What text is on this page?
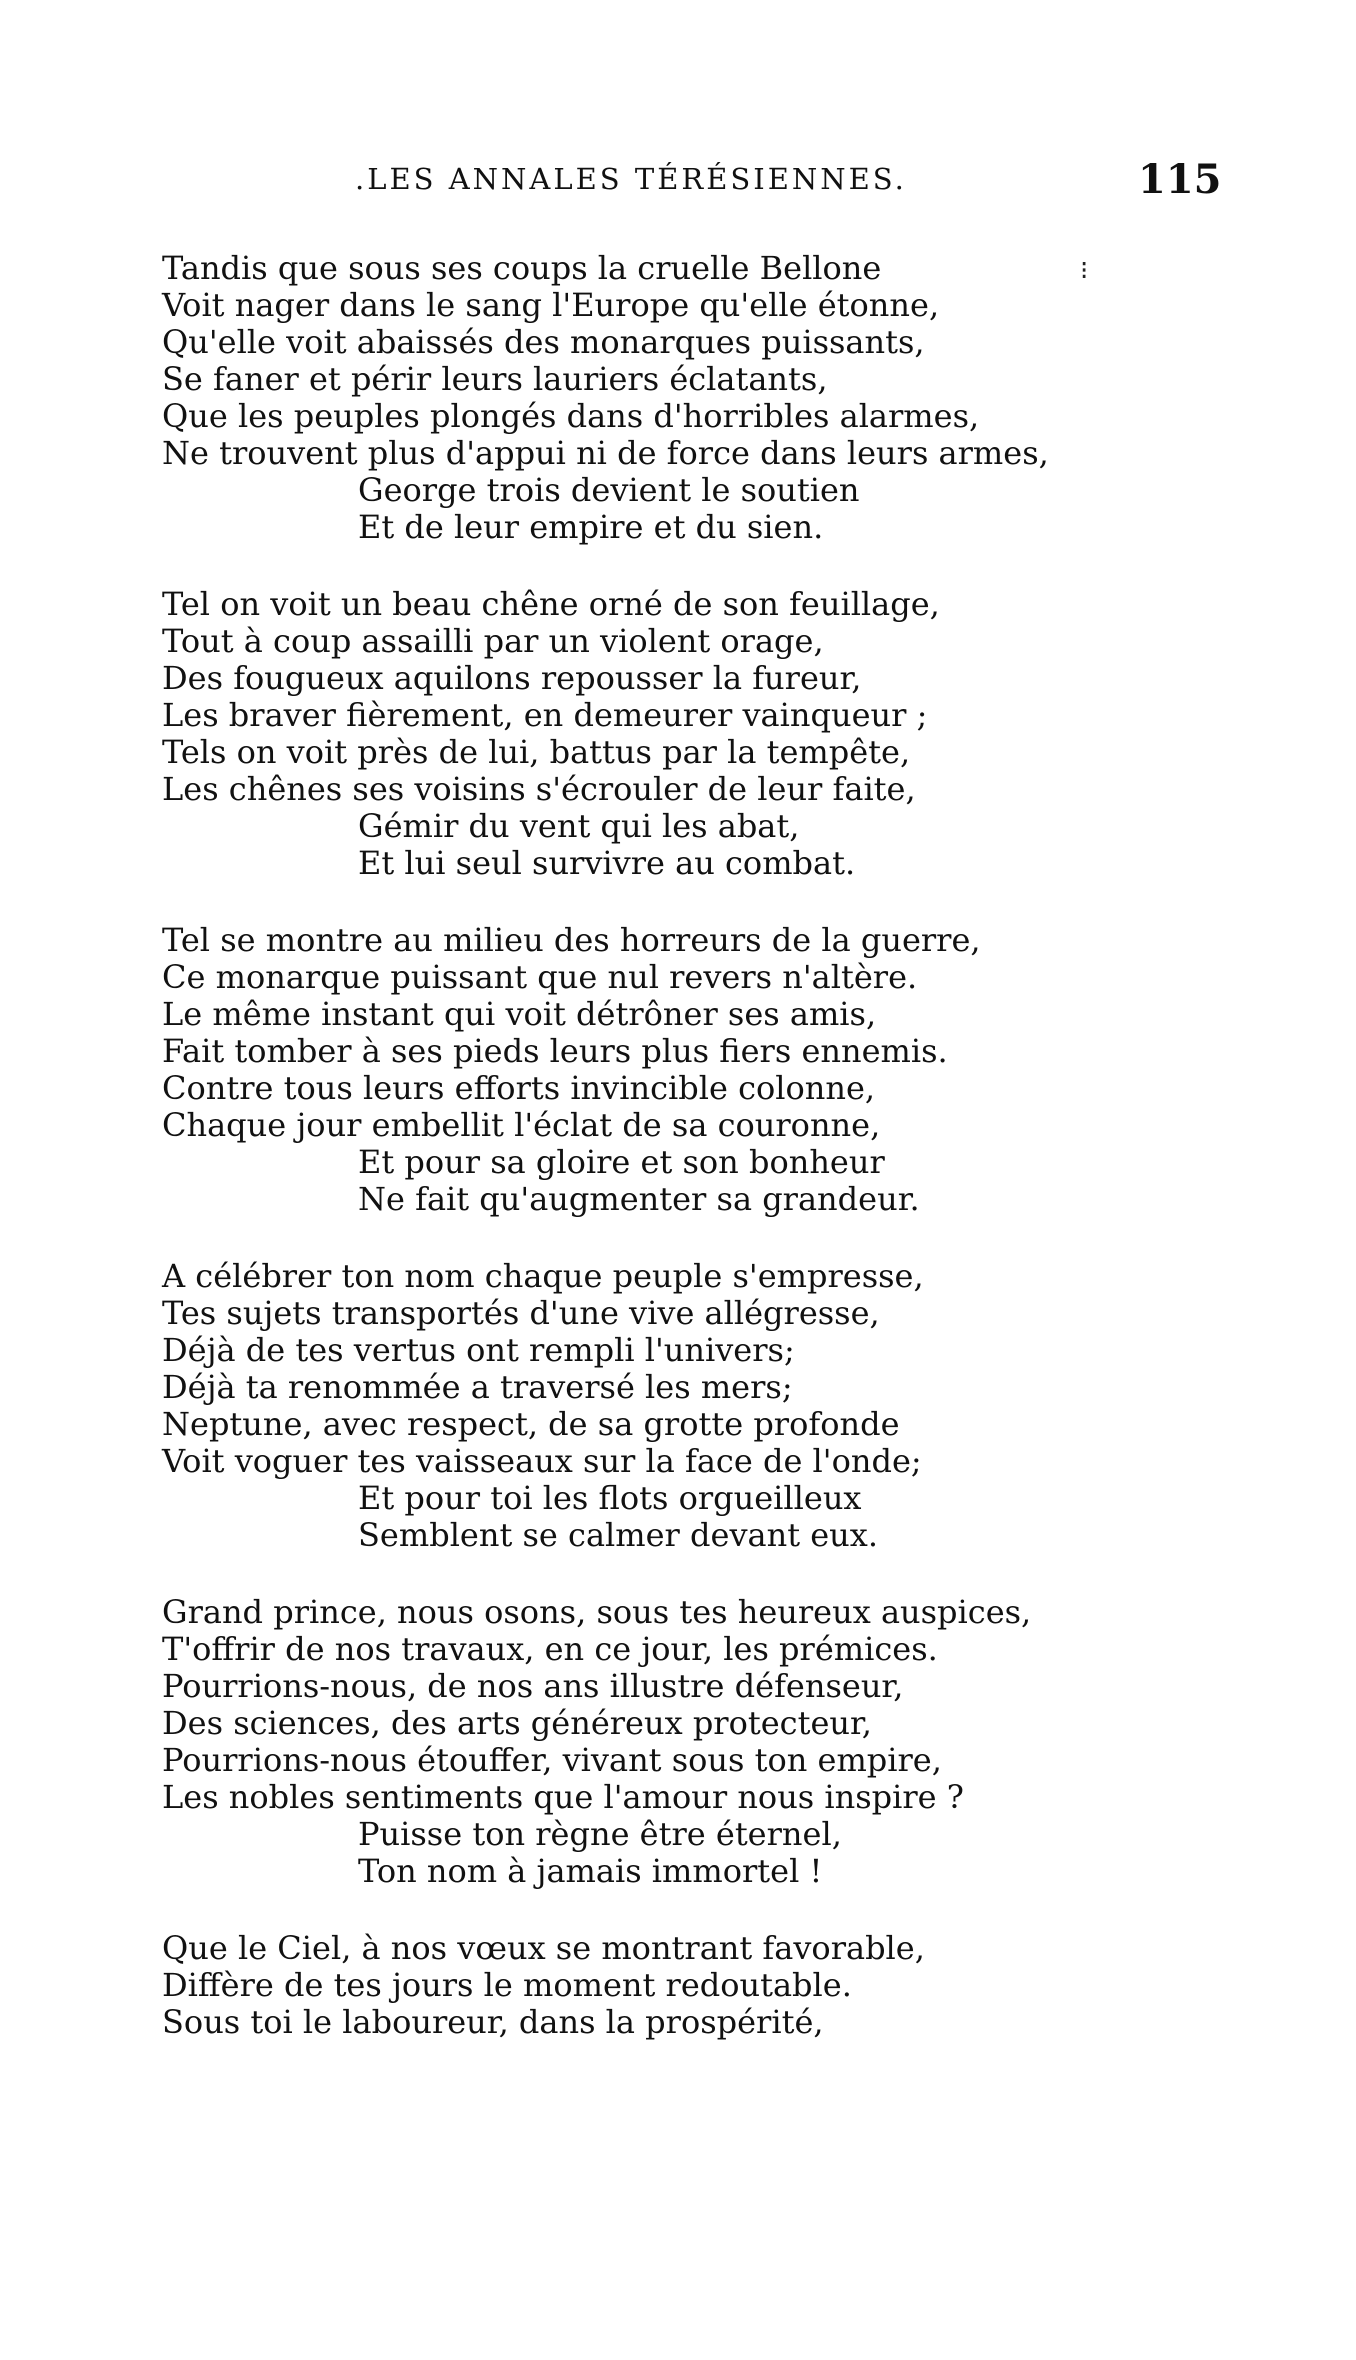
.LES ANNALES TÉRÉSIENNES.	115
⁝
Tandis que sous ses coups la cruelle Bellone
Voit nager dans le sang l'Europe qu'elle étonne,
Qu'elle voit abaissés des monarques puissants,
Se faner et périr leurs lauriers éclatants,
Que les peuples plongés dans d'horribles alarmes,
Ne trouvent plus d'appui ni de force dans leurs armes,
George trois devient le soutien
Et de leur empire et du sien.
Tel on voit un beau chêne orné de son feuillage,
Tout à coup assailli par un violent orage,
Des fougueux aquilons repousser la fureur,
Les braver fièrement, en demeurer vainqueur ;
Tels on voit près de lui, battus par la tempête,
Les chênes ses voisins s'écrouler de leur faite,
Gémir du vent qui les abat,
Et lui seul survivre au combat.
Tel se montre au milieu des horreurs de la guerre,
Ce monarque puissant que nul revers n'altère.
Le même instant qui voit détrôner ses amis,
Fait tomber à ses pieds leurs plus fiers ennemis.
Contre tous leurs efforts invincible colonne,
Chaque jour embellit l'éclat de sa couronne,
Et pour sa gloire et son bonheur
Ne fait qu'augmenter sa grandeur.
A célébrer ton nom chaque peuple s'empresse,
Tes sujets transportés d'une vive allégresse,
Déjà de tes vertus ont rempli l'univers;
Déjà ta renommée a traversé les mers;
Neptune, avec respect, de sa grotte profonde
Voit voguer tes vaisseaux sur la face de l'onde;
Et pour toi les flots orgueilleux
Semblent se calmer devant eux.
Grand prince, nous osons, sous tes heureux auspices,
T'offrir de nos travaux, en ce jour, les prémices.
Pourrions-nous, de nos ans illustre défenseur,
Des sciences, des arts généreux protecteur,
Pourrions-nous étouffer, vivant sous ton empire,
Les nobles sentiments que l'amour nous inspire ?
Puisse ton règne être éternel,
Ton nom à jamais immortel !
Que le Ciel, à nos vœux se montrant favorable,
Diffère de tes jours le moment redoutable.
Sous toi le laboureur, dans la prospérité,
